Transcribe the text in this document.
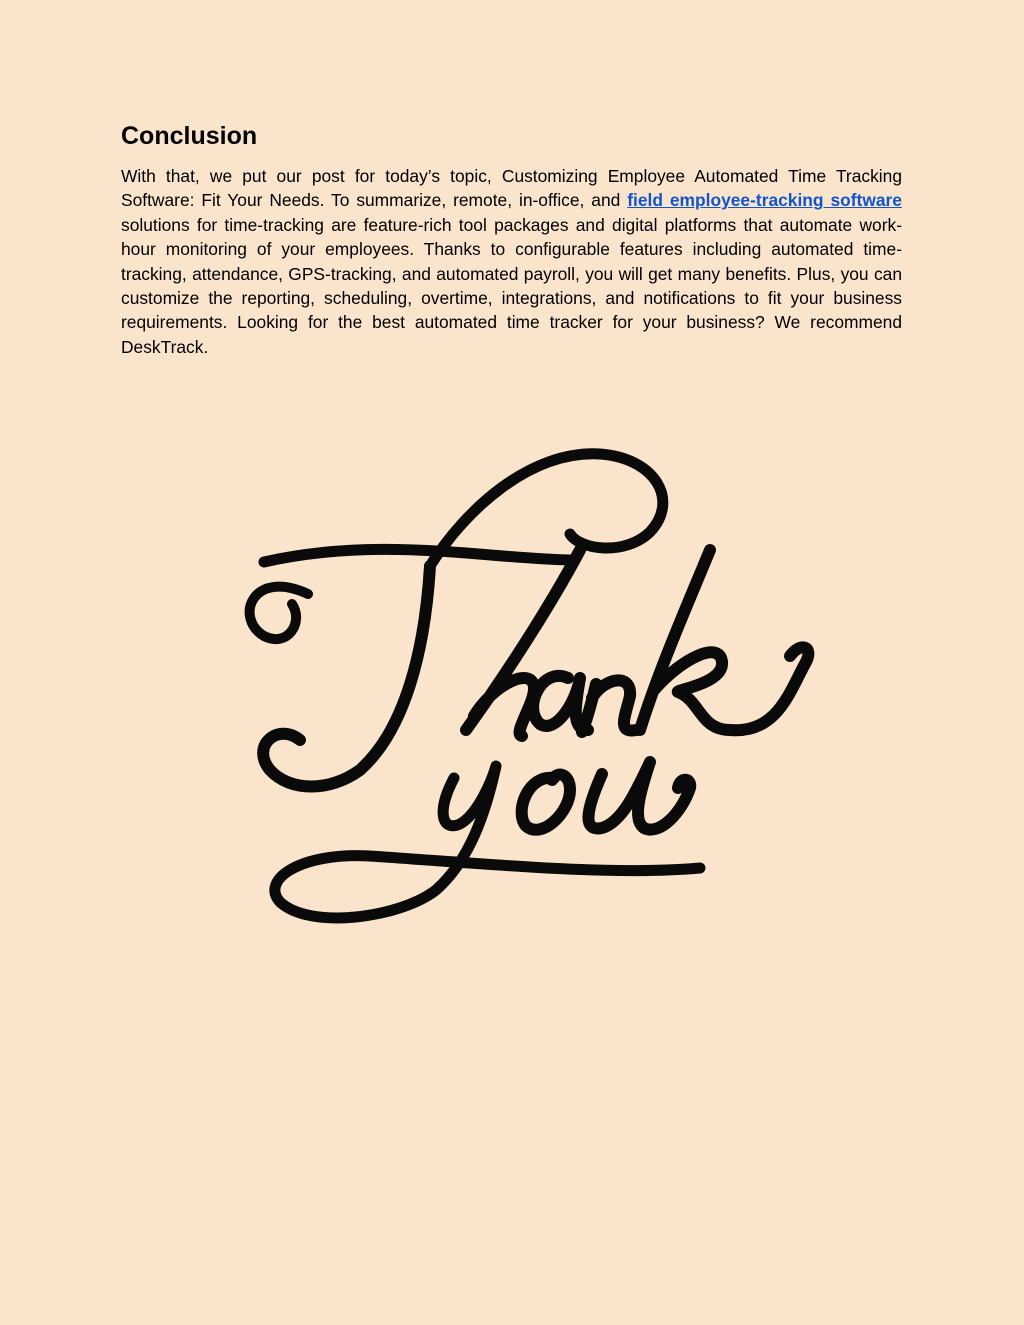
Conclusion

With that, we put our post for today’s topic, Customizing Employee Automated Time Tracking Software: Fit Your Needs. To summarize, remote, in-office, and field employee-tracking software solutions for time-tracking are feature-rich tool packages and digital platforms that automate work-hour monitoring of your employees. Thanks to configurable features including automated time-tracking, attendance, GPS-tracking, and automated payroll, you will get many benefits. Plus, you can customize the reporting, scheduling, overtime, integrations, and notifications to fit your business requirements. Looking for the best automated time tracker for your business? We recommend DeskTrack.
